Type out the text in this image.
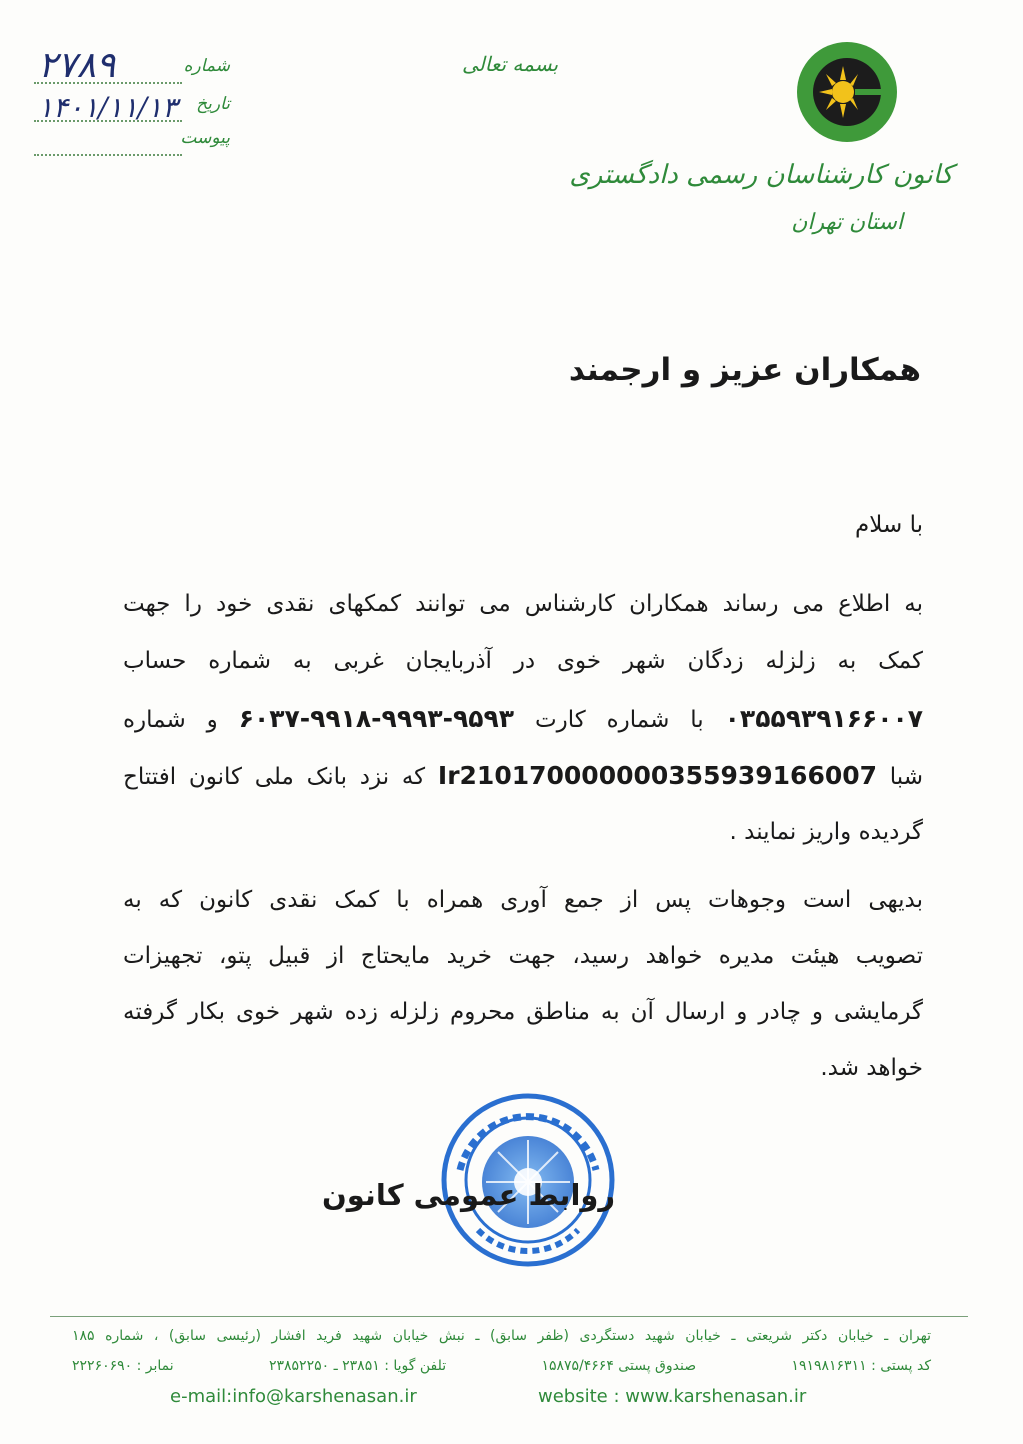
شماره
۲۷۸۹
تاریخ
۱۴۰۱/۱۱/۱۳
پیوست
بسمه تعالی
کانون کارشناسان رسمی دادگستری
استان تهران
همکاران عزیز و ارجمند
با سلام
به اطلاع می رساند همکاران کارشناس می توانند کمکهای نقدی خود را جهت
کمک به زلزله زدگان شهر خوی در آذربایجان غربی به شماره حساب
۰۳۵۵۹۳۹۱۶۶۰۰۷ با شماره کارت ۶۰۳۷-۹۹۱۸-۹۹۹۳-۹۵۹۳ و شماره
شبا Ir210170000000355939166007 که نزد بانک ملی کانون افتتاح
گردیده واریز نمایند .
بدیهی است وجوهات پس از جمع آوری همراه با کمک نقدی کانون که به
تصویب هیئت مدیره خواهد رسید، جهت خرید مایحتاج از قبیل پتو، تجهیزات
گرمایشی و چادر و ارسال آن به مناطق محروم زلزله زده شهر خوی بکار گرفته
خواهد شد.
روابط عمومی کانون
تهران ـ خیابان دکتر شریعتی ـ خیابان شهید دستگردی (ظفر سابق) ـ نبش خیابان شهید فرید افشار (رئیسی سابق) ، شماره ۱۸۵
کد پستی : ۱۹۱۹۸۱۶۳۱۱
صندوق پستی ۱۵۸۷۵/۴۶۶۴
تلفن گویا : ۲۳۸۵۱ ـ ۲۳۸۵۲۲۵۰
نمابر : ۲۲۲۶۰۶۹۰
e-mail:info@karshenasan.ir	website : www.karshenasan.ir
